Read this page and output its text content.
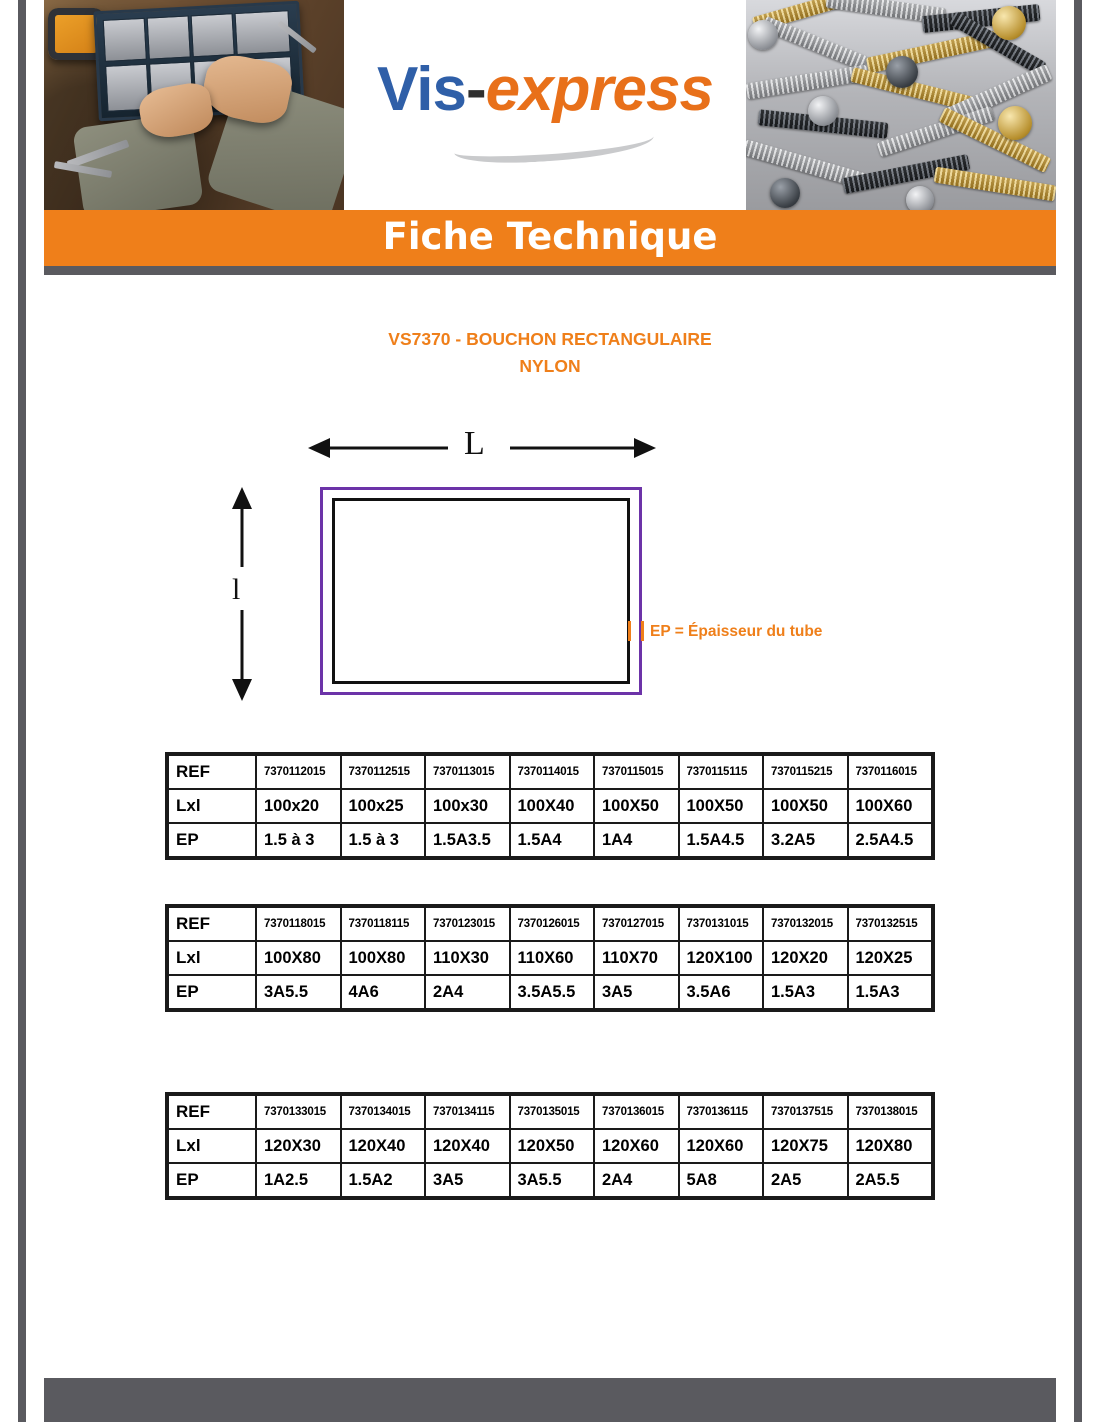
Vis-express
Fiche Technique
VS7370 - BOUCHON RECTANGULAIRE
NYLON
L
l
EP = Épaisseur du tube
REF	7370112015	7370112515	7370113015	7370114015	7370115015	7370115115	7370115215	7370116015
Lxl	100x20	100x25	100x30	100X40	100X50	100X50	100X50	100X60
EP	1.5 à 3	1.5 à 3	1.5A3.5	1.5A4	1A4	1.5A4.5	3.2A5	2.5A4.5
REF	7370118015	7370118115	7370123015	7370126015	7370127015	7370131015	7370132015	7370132515
Lxl	100X80	100X80	110X30	110X60	110X70	120X100	120X20	120X25
EP	3A5.5	4A6	2A4	3.5A5.5	3A5	3.5A6	1.5A3	1.5A3
REF	7370133015	7370134015	7370134115	7370135015	7370136015	7370136115	7370137515	7370138015
Lxl	120X30	120X40	120X40	120X50	120X60	120X60	120X75	120X80
EP	1A2.5	1.5A2	3A5	3A5.5	2A4	5A8	2A5	2A5.5
